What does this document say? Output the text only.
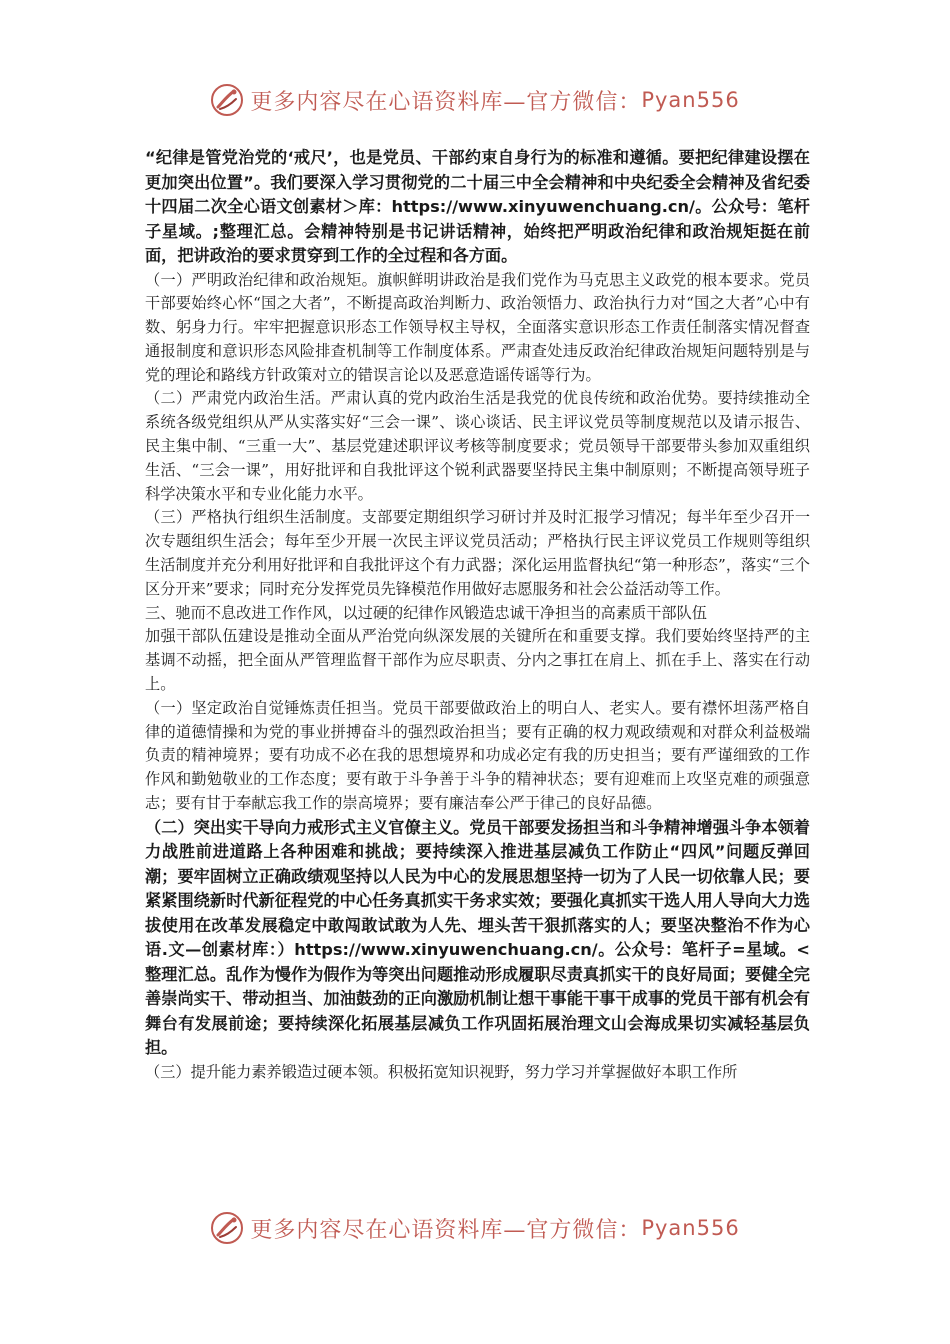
更多内容尽在心语资料库—官方微信： Pyan556

“纪律是管党治党的‘戒尺’，也是党员、干部约束自身行为的标准和遵循。要把纪律建设摆在更加突出位置”。我们要深入学习贯彻党的二十届三中全会精神和中央纪委全会精神及省纪委十四届二次全心语文创素材＞库：https://www.xinyuwenchuang.cn/。公众号：笔杆子星域。;整理汇总。会精神特别是书记讲话精神，始终把严明政治纪律和政治规矩挺在前面，把讲政治的要求贯穿到工作的全过程和各方面。

（一）严明政治纪律和政治规矩。旗帜鲜明讲政治是我们党作为马克思主义政党的根本要求。党员干部要始终心怀“国之大者”，不断提高政治判断力、政治领悟力、政治执行力对“国之大者”心中有数、躬身力行。牢牢把握意识形态工作领导权主导权，全面落实意识形态工作责任制落实情况督查通报制度和意识形态风险排查机制等工作制度体系。严肃查处违反政治纪律政治规矩问题特别是与党的理论和路线方针政策对立的错误言论以及恶意造谣传谣等行为。

（二）严肃党内政治生活。严肃认真的党内政治生活是我党的优良传统和政治优势。要持续推动全系统各级党组织从严从实落实好“三会一课”、谈心谈话、民主评议党员等制度规范以及请示报告、民主集中制、“三重一大”、基层党建述职评议考核等制度要求；党员领导干部要带头参加双重组织生活、“三会一课”，用好批评和自我批评这个锐利武器要坚持民主集中制原则；不断提高领导班子科学决策水平和专业化能力水平。

（三）严格执行组织生活制度。支部要定期组织学习研讨并及时汇报学习情况；每半年至少召开一次专题组织生活会；每年至少开展一次民主评议党员活动；严格执行民主评议党员工作规则等组织生活制度并充分利用好批评和自我批评这个有力武器；深化运用监督执纪“第一种形态”，落实“三个区分开来”要求；同时充分发挥党员先锋模范作用做好志愿服务和社会公益活动等工作。

三、驰而不息改进工作作风，以过硬的纪律作风锻造忠诚干净担当的高素质干部队伍

加强干部队伍建设是推动全面从严治党向纵深发展的关键所在和重要支撑。我们要始终坚持严的主基调不动摇，把全面从严管理监督干部作为应尽职责、分内之事扛在肩上、抓在手上、落实在行动上。

（一）坚定政治自觉锤炼责任担当。党员干部要做政治上的明白人、老实人。要有襟怀坦荡严格自律的道德情操和为党的事业拼搏奋斗的强烈政治担当；要有正确的权力观政绩观和对群众利益极端负责的精神境界；要有功成不必在我的思想境界和功成必定有我的历史担当；要有严谨细致的工作作风和勤勉敬业的工作态度；要有敢于斗争善于斗争的精神状态；要有迎难而上攻坚克难的顽强意志；要有甘于奉献忘我工作的崇高境界；要有廉洁奉公严于律己的良好品德。

（二）突出实干导向力戒形式主义官僚主义。党员干部要发扬担当和斗争精神增强斗争本领着力战胜前进道路上各种困难和挑战；要持续深入推进基层减负工作防止“四风”问题反弹回潮；要牢固树立正确政绩观坚持以人民为中心的发展思想坚持一切为了人民一切依靠人民；要紧紧围绕新时代新征程党的中心任务真抓实干务求实效；要强化真抓实干选人用人导向大力选拔使用在改革发展稳定中敢闯敢试敢为人先、埋头苦干狠抓落实的人；要坚决整治不作为心语.文—创素材库：）https://www.xinyuwenchuang.cn/。公众号：笔杆子=星域。<整理汇总。乱作为慢作为假作为等突出问题推动形成履职尽责真抓实干的良好局面；要健全完善崇尚实干、带动担当、加油鼓劲的正向激励机制让想干事能干事干成事的党员干部有机会有舞台有发展前途；要持续深化拓展基层减负工作巩固拓展治理文山会海成果切实减轻基层负担。

（三）提升能力素养锻造过硬本领。积极拓宽知识视野，努力学习并掌握做好本职工作所

更多内容尽在心语资料库—官方微信： Pyan556
